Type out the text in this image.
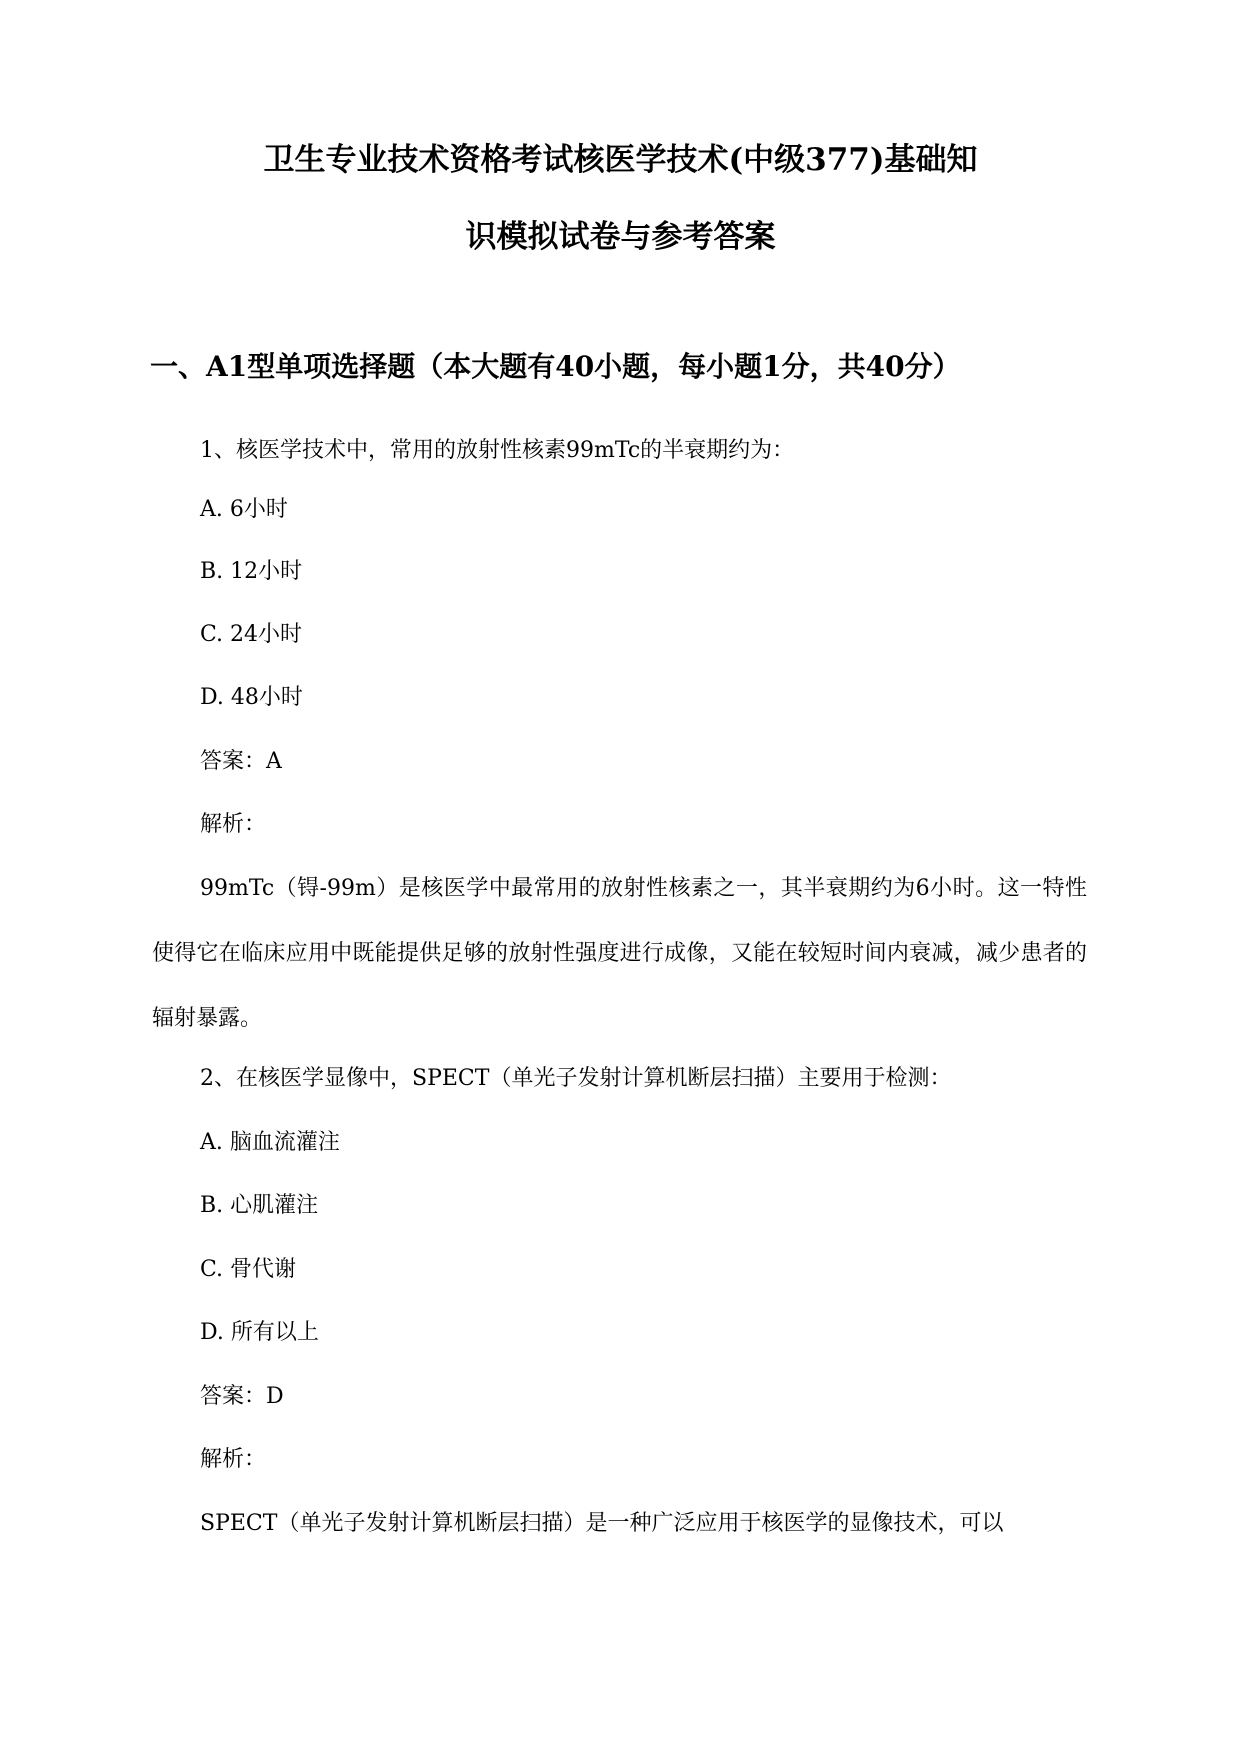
卫生专业技术资格考试核医学技术(中级377)基础知
识模拟试卷与参考答案
一、A1型单项选择题（本大题有40小题，每小题1分，共40分）

1、核医学技术中，常用的放射性核素99mTc的半衰期约为：

A. 6小时

B. 12小时

C. 24小时

D. 48小时

答案：A

解析：

99mTc（锝-99m）是核医学中最常用的放射性核素之一，其半衰期约为6小时。这一特性使得它在临床应用中既能提供足够的放射性强度进行成像，又能在较短时间内衰减，减少患者的辐射暴露。

2、在核医学显像中，SPECT（单光子发射计算机断层扫描）主要用于检测：

A. 脑血流灌注

B. 心肌灌注

C. 骨代谢

D. 所有以上

答案：D

解析：

SPECT（单光子发射计算机断层扫描）是一种广泛应用于核医学的显像技术，可以
